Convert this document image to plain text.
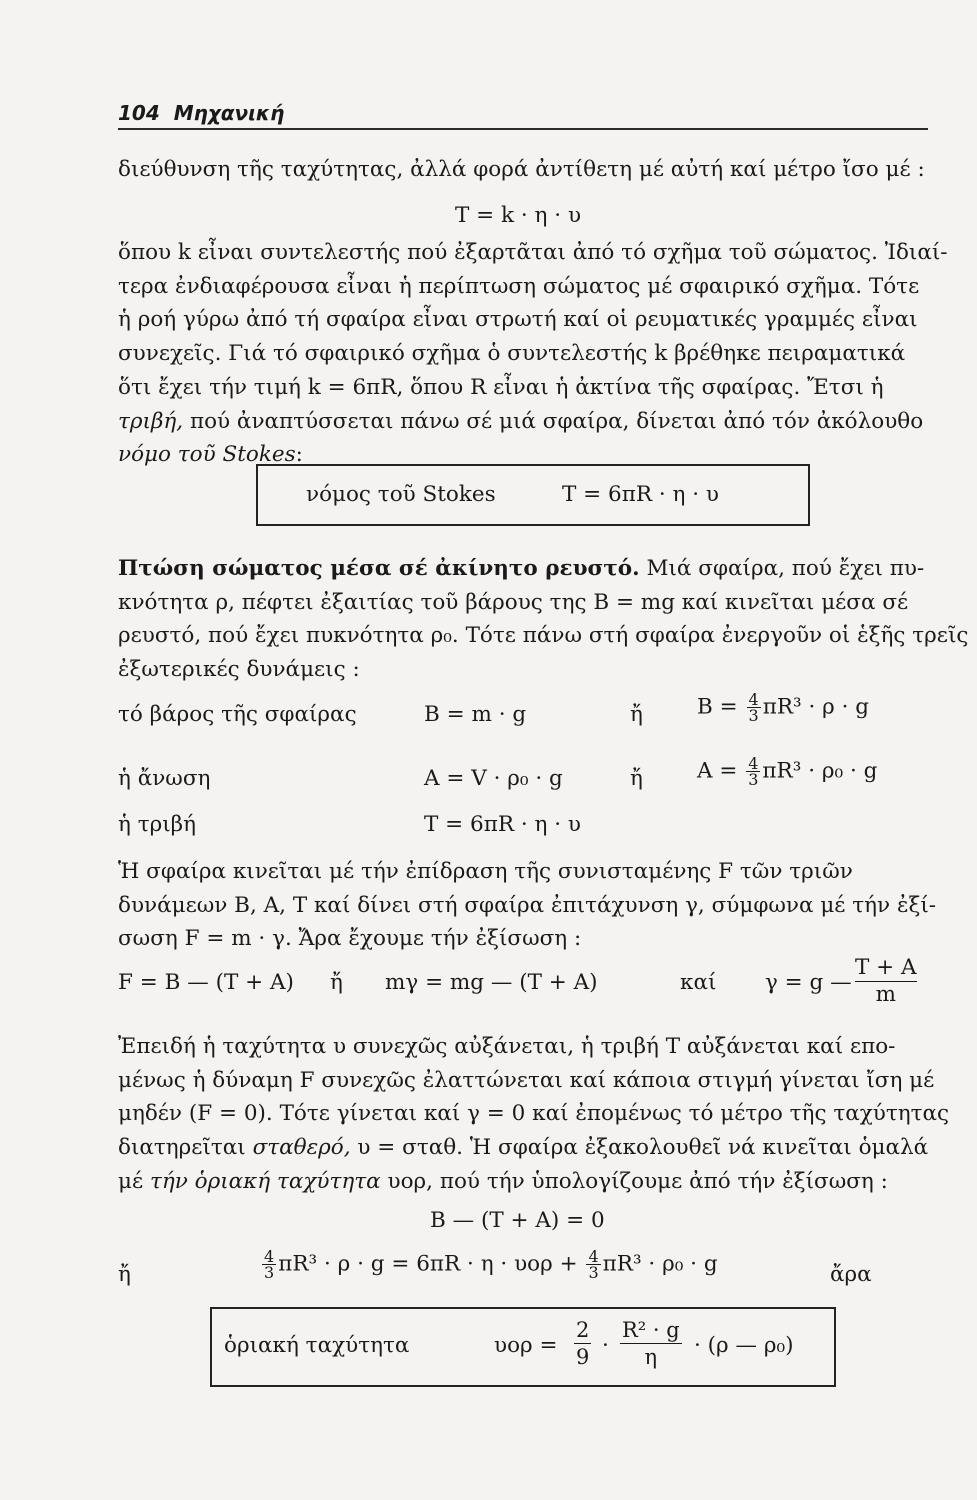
104 Μηχανική
διεύθυνση τῆς ταχύτητας, ἀλλά φορά ἀντίθετη μέ αὐτή καί μέτρο ἴσο μέ :
T = k · η · υ
ὅπου k εἶναι συντελεστής πού ἐξαρτᾶται ἀπό τό σχῆμα τοῦ σώματος. Ἰδιαί-
τερα ἐνδιαφέρουσα εἶναι ἡ περίπτωση σώματος μέ σφαιρικό σχῆμα. Τότε
ἡ ροή γύρω ἀπό τή σφαίρα εἶναι στρωτή καί οἱ ρευματικές γραμμές εἶναι
συνεχεῖς. Γιά τό σφαιρικό σχῆμα ὁ συντελεστής k βρέθηκε πειραματικά
ὅτι ἔχει τήν τιμή k = 6πR, ὅπου R εἶναι ἡ ἀκτίνα τῆς σφαίρας. Ἔτσι ἡ
τριβή, πού ἀναπτύσσεται πάνω σέ μιά σφαίρα, δίνεται ἀπό τόν ἀκόλουθο
νόμο τοῦ Stokes:
νόμος τοῦ Stokes	T = 6πR · η · υ
Πτώση σώματος μέσα σέ ἀκίνητο ρευστό. Μιά σφαίρα, πού ἔχει πυ-
κνότητα ρ, πέφτει ἐξαιτίας τοῦ βάρους της B = mg καί κινεῖται μέσα σέ
ρευστό, πού ἔχει πυκνότητα ρ₀. Τότε πάνω στή σφαίρα ἐνεργοῦν οἱ ἑξῆς τρεῖς
ἐξωτερικές δυνάμεις :
τό βάρος τῆς σφαίρας	B = m · g	ἤ	$B = \frac{4}{3} \pi R^3 \cdot \rho \cdot g$
ἡ ἄνωση	A = V · ρ₀ · g	ἤ	$A = \frac{4}{3} \pi R^3 \cdot \rho_0 \cdot g$
ἡ τριβή	T = 6πR · η · υ
Ἡ σφαίρα κινεῖται μέ τήν ἐπίδραση τῆς συνισταμένης F τῶν τριῶν
δυνάμεων B, A, T καί δίνει στή σφαίρα ἐπιτάχυνση γ, σύμφωνα μέ τήν ἐξί-
σωση F = m · γ. Ἄρα ἔχουμε τήν ἐξίσωση :
F = B — (T + A) ἤ mγ = mg — (T + A)	καί γ = g — $\frac{T + A}{m}$
Ἐπειδή ἡ ταχύτητα υ συνεχῶς αὐξάνεται, ἡ τριβή T αὐξάνεται καί επο-
μένως ἡ δύναμη F συνεχῶς ἐλαττώνεται καί κάποια στιγμή γίνεται ἴση μέ
μηδέν (F = 0). Τότε γίνεται καί γ = 0 καί ἐπομένως τό μέτρο τῆς ταχύτητας
διατηρεῖται σταθερό, υ = σταθ. Ἡ σφαίρα ἐξακολουθεῖ νά κινεῖται ὁμαλά
μέ τήν ὁριακή ταχύτητα υορ, πού τήν ὑπολογίζουμε ἀπό τήν ἐξίσωση :
B — (T + A) = 0
ἤ	$\frac{4}{3} \pi R^3 \cdot \rho \cdot g = 6\pi R \cdot \eta \cdot \upsilon o\rho + \frac{4}{3} \pi R^3 \cdot \rho_0 \cdot g$	ἄρα
ὁριακή ταχύτητα	$\upsilon o\rho = \frac{2}{9} \cdot \frac{\text{R² · g}}{\eta} \cdot (\rho$ — ρ₀)
